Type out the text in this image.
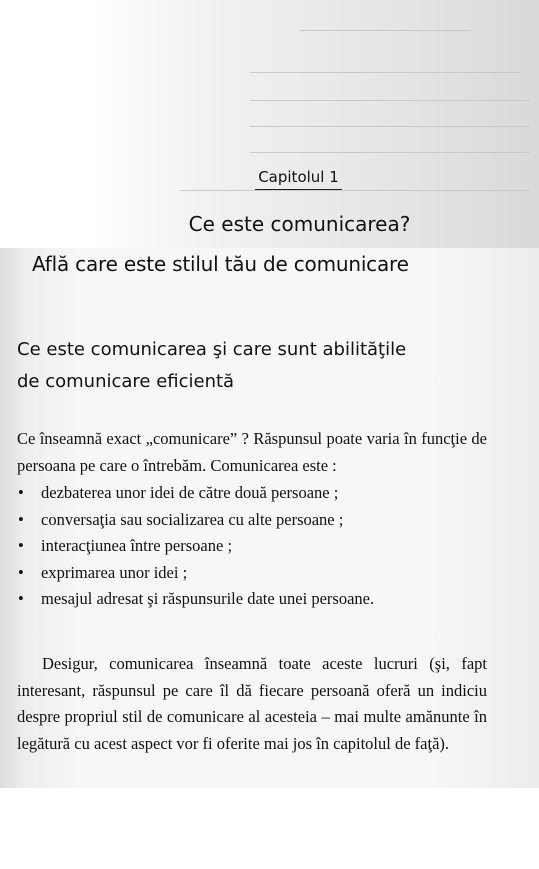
Capitolul 1
Ce este comunicarea?
Află care este stilul tău de comunicare
Ce este comunicarea şi care sunt abilităţile
de comunicare eficientă
Ce înseamnă exact „comunicare” ? Răspunsul poate varia în funcţie de persoana pe care o întrebăm. Comunicarea este :
• dezbaterea unor idei de către două persoane ;
• conversaţia sau socializarea cu alte persoane ;
• interacţiunea între persoane ;
• exprimarea unor idei ;
• mesajul adresat şi răspunsurile date unei persoane.
Desigur, comunicarea înseamnă toate aceste lucruri (şi, fapt interesant, răspunsul pe care îl dă fiecare persoană oferă un indiciu despre propriul stil de comunicare al acesteia – mai multe amănunte în legătură cu acest aspect vor fi oferite mai jos în capitolul de faţă).
